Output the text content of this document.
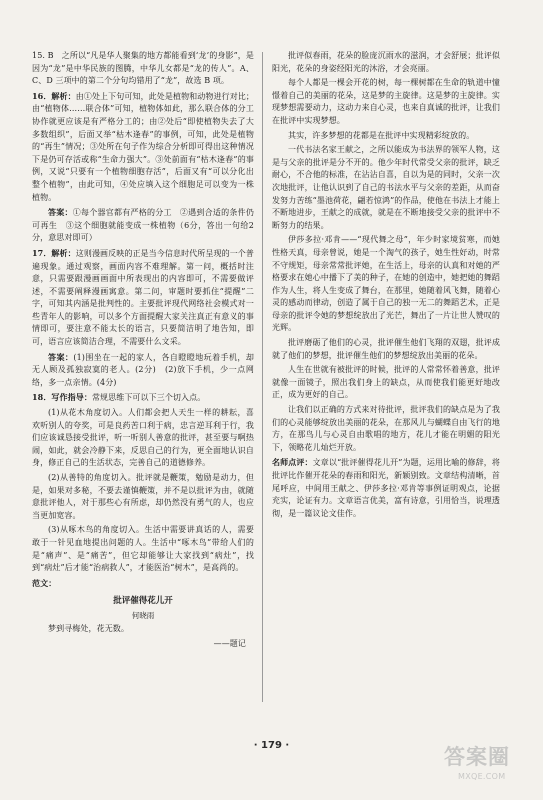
15. B　之所以“凡是华人聚集的地方都能看到‘龙’的身影”，是因为“龙”是中华民族的图腾，中华儿女都是“龙的传人”。A、C、D 三项中的第二个分句均错用了“龙”，故选 B 项。

16．解析：由①处上下句可知，此处是植物和动物进行对比；由“植物体……联合体”可知，植物体如此，那么联合体的分工协作就更应该是有严格分工的；由②处后“即使植物失去了大多数组织”，后面又举“枯木逢春”的事例，可知，此处是植物的“再生”情况；③处所在句子作为综合分析即可得出这种情况下是仍可存活或称“生命力强大”。③处前面有“枯木逢春”的事例，又说“只要有一个植物细胞存活”，后面又有“可以分化出整个植物”，由此可知，④处应填入这个细胞足可以变为一株植物。

答案：①每个器官都有严格的分工　②遇到合适的条件仍可再生　③这个细胞就能变成一株植物（6分，答出一句给2分，意思对即可）

17．解析：这则漫画反映的正是当今信息时代所呈现的一个普遍现象。通过观察，画面内容不难理解。第一问，概括时注意，只需要跟漫画画面中所表现出的内容即可，不需要做评述，不需要阐释漫画寓意。第二问，审题时要抓住“提醒”二字，可知其内涵是批判性的。主要批评现代网络社会模式对一些青年人的影响，可以多个方面提醒大家关注真正有意义的事情即可，要注意不能太长的语言，只要简洁明了地告知，即可，语言应该简洁合理，不需要什么文采。

答案：(1)围坐在一起的家人，各自瞪瞪地玩着手机，却无人顾及孤独寂寞的老人。(2分)　(2)放下手机，少一点网络，多一点亲情。(4分)

18．写作指导：常规思维下可以下三个切入点。

(1)从花木角度切入。人们都会把人天生一样的耕耘，喜欢听别人的夸奖，可是良药苦口利于病，忠言逆耳利于行，我们应该诚恳接受批评，听一听别人善意的批评，甚至要与啊热闹，如此，就会冷静下来，反思自己的行为，更全面地认识自身，修正自己的生活状态，完善自己的道德修养。

(2)从善特的角度切入。批评就是鞭策，勉励是动力，但是，如果对多秘，不要去谨慎鞭策，并不是以批评为由，就随意批评他人，对于那些心有所虑，却仍然没有勇气的人，也应当更加宽容。

(3)从啄木鸟的角度切入。生活中需要讲真话的人，需要敢于一针见血地提出问题的人。生活中“啄木鸟”带给人们的是“痛声”、是“痛苦”，但它却能够让大家找到“病灶”，找到“病灶”后才能“治病救人”，才能医治“树木”，是高尚的。

范文：

批评催得花儿开
何晓雨

梦到寻梅处，花无数。

——题记

批评似春雨，花朵的脸庞沉雨水的滋润，才会舒展；批评似阳光，花朵的身姿经阳光的沐浴，才会亮丽。

每个人都是一棵会开花的树，每一棵树都在生命的轨道中憧憬着自己的美丽的花朵，这是梦的主旋律。这是梦的主旋律。实现梦想需要动力，这动力来自心灵，也来自真诚的批评，让我们在批评中实现梦想。

其实，许多梦想的花都是在批评中实现精彩绽放的。

一代书法名家王献之，之所以能成为书法界的领军人物，这是与父亲的批评是分不开的。他少年时代常受父亲的批评，缺乏耐心，不合他的标准，在沾沾自喜，自以为是的同时，父亲一次次地批评，让他认识到了自己的书法水平与父亲的差距，从而奋发努力苦练“墨池荷花，翩若惊鸿”的作品，使他在书法上才能上不断地进步，王献之的成就，就是在不断地接受父亲的批评中不断努力的结果。

伊莎多拉·邓肯——“现代舞之母”，年少时家境贫寒，而她性格天真，母亲曾说，她是一个淘气的孩子，她生性好动，时常不守规矩，母亲常常批评她，在生活上，母亲的认真和对她的严格要求在她心中播下了美的种子，在她的创造中，她把她的舞蹈作为人生，将人生变成了舞台，在那里，她随着风飞舞，随着心灵的感动而律动，创造了属于自己的独一无二的舞蹈艺术，正是母亲的批评令她的梦想绽放出了光芒，舞出了一片让世人赞叹的光辉。

批评磨砺了他们的心灵，批评催生他们飞翔的双翅，批评成就了他们的梦想，批评催生他们的梦想绽放出美丽的花朵。

人生在世就有被批评的时候，批评的人常常怀着善意，批评就像一面镜子，照出我们身上的缺点，从而使我们能更好地改正，成为更好的自己。

让我们以正确的方式来对待批评，批评我们的缺点是为了我们的心灵能够绽放出美丽的花朵，在那风儿与蝴蝶自由飞行的地方，在那鸟儿与心灵自由歌唱的地方，花儿才能在明媚的阳光下，领略花儿灿烂开放。

名师点评：文章以“批评催得花儿开”为题，运用比喻的修辞，将批评比作催开花朵的春雨和阳光，新颖别致。文章结构清晰，首尾呼应，中间用王献之、伊莎多拉·邓肯等事例证明观点，论据充实，论证有力。文章语言优美，富有诗意，引用恰当，说理透彻，是一篇议论文佳作。

· 179 ·	答案圈
MXQE.COM
